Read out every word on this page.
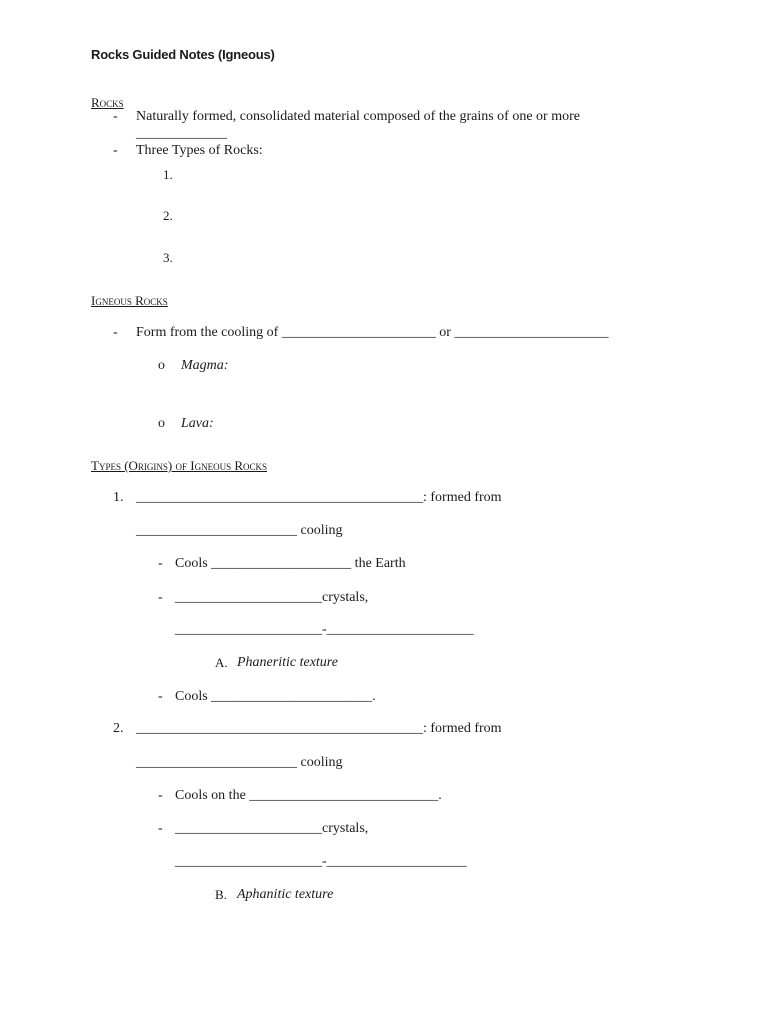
Rocks Guided Notes (Igneous)
Rocks
- Naturally formed, consolidated material composed of the grains of one or more
_____________
- Three Types of Rocks:
1.
2.
3.
Igneous Rocks
- Form from the cooling of ______________________ or ______________________
o Magma:
o Lava:
Types (Origins) of Igneous Rocks
1. _________________________________________: formed from
_______________________ cooling
- Cools ____________________ the Earth
- _____________________crystals,
_____________________-_____________________
A. Phaneritic texture
- Cools _______________________.
2. _________________________________________: formed from
_______________________ cooling
- Cools on the ___________________________.
- _____________________crystals,
_____________________-____________________
B. Aphanitic texture
